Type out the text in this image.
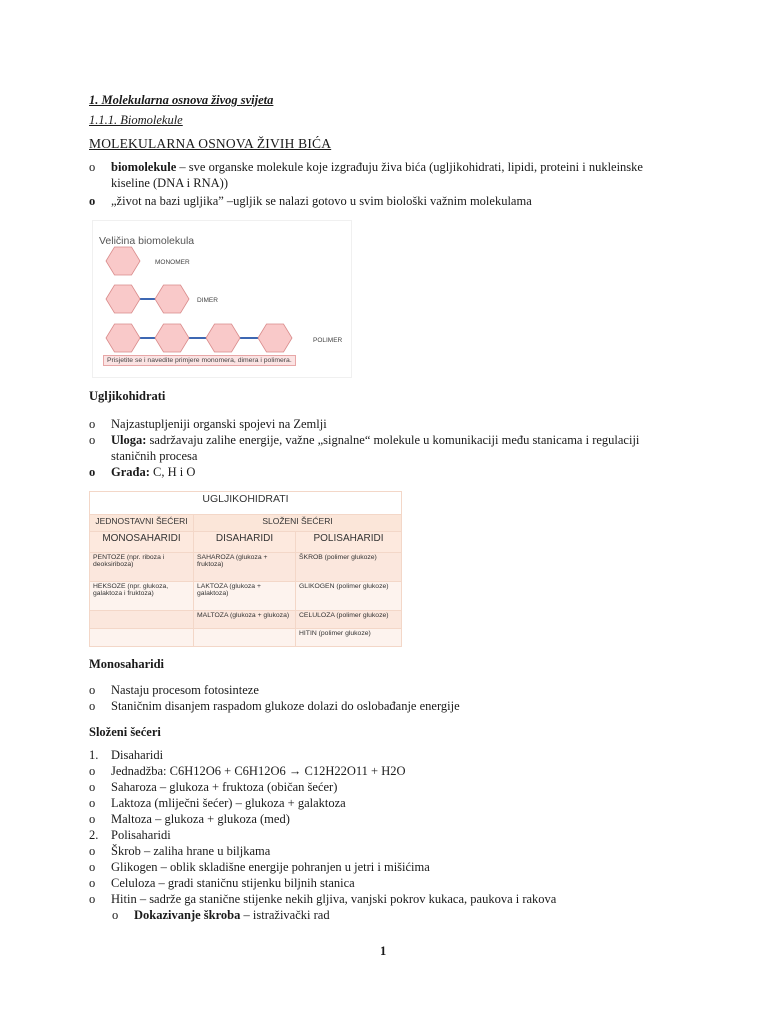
1. Molekularna osnova živog svijeta
1.1.1. Biomolekule
MOLEKULARNA OSNOVA ŽIVIH BIĆA
o biomolekule – sve organske molekule koje izgrađuju živa bića (ugljikohidrati, lipidi, proteini i nukleinske
kiseline (DNA i RNA))
o „život na bazi ugljika” –ugljik se nalazi gotovo u svim biološki važnim molekulama
Veličina biomolekula
MONOMER
DIMER
POLIMER
Prisjetite se i navedite primjere monomera, dimera i polimera.
Ugljikohidrati
o Najzastupljeniji organski spojevi na Zemlji
o Uloga: sadržavaju zalihe energije, važne „signalne“ molekule u komunikaciji među stanicama i regulaciji
staničnih procesa
o Građa: C, H i O
UGLJIKOHIDRATI		
JEDNOSTAVNI ŠEĆERI	SLOŽENI ŠEĆERI	
MONOSAHARIDI	DISAHARIDI	POLISAHARIDI
PENTOZE (npr. riboza i deoksiriboza)	SAHAROZA (glukoza + fruktoza)	ŠKROB (polimer glukoze)
HEKSOZE (npr. glukoza, galaktoza i fruktoza)	LAKTOZA (glukoza + galaktoza)	GLIKOGEN (polimer glukoze)
	MALTOZA (glukoza + glukoza)	CELULOZA (polimer glukoze)
		HITIN (polimer glukoze)
Monosaharidi
o Nastaju procesom fotosinteze
o Staničnim disanjem raspadom glukoze dolazi do oslobađanje energije
Složeni šećeri
1. Disaharidi
o Jednadžba: C6H12O6 + C6H12O6 → C12H22O11 + H2O
o Saharoza – glukoza + fruktoza (običan šećer)
o Laktoza (mliječni šećer) – glukoza + galaktoza
o Maltoza – glukoza + glukoza (med)
2. Polisaharidi
o Škrob – zaliha hrane u biljkama
o Glikogen – oblik skladišne energije pohranjen u jetri i mišićima
o Celuloza – gradi staničnu stijenku biljnih stanica
o Hitin – sadrže ga stanične stijenke nekih gljiva, vanjski pokrov kukaca, paukova i rakova
o Dokazivanje škroba – istraživački rad
1
